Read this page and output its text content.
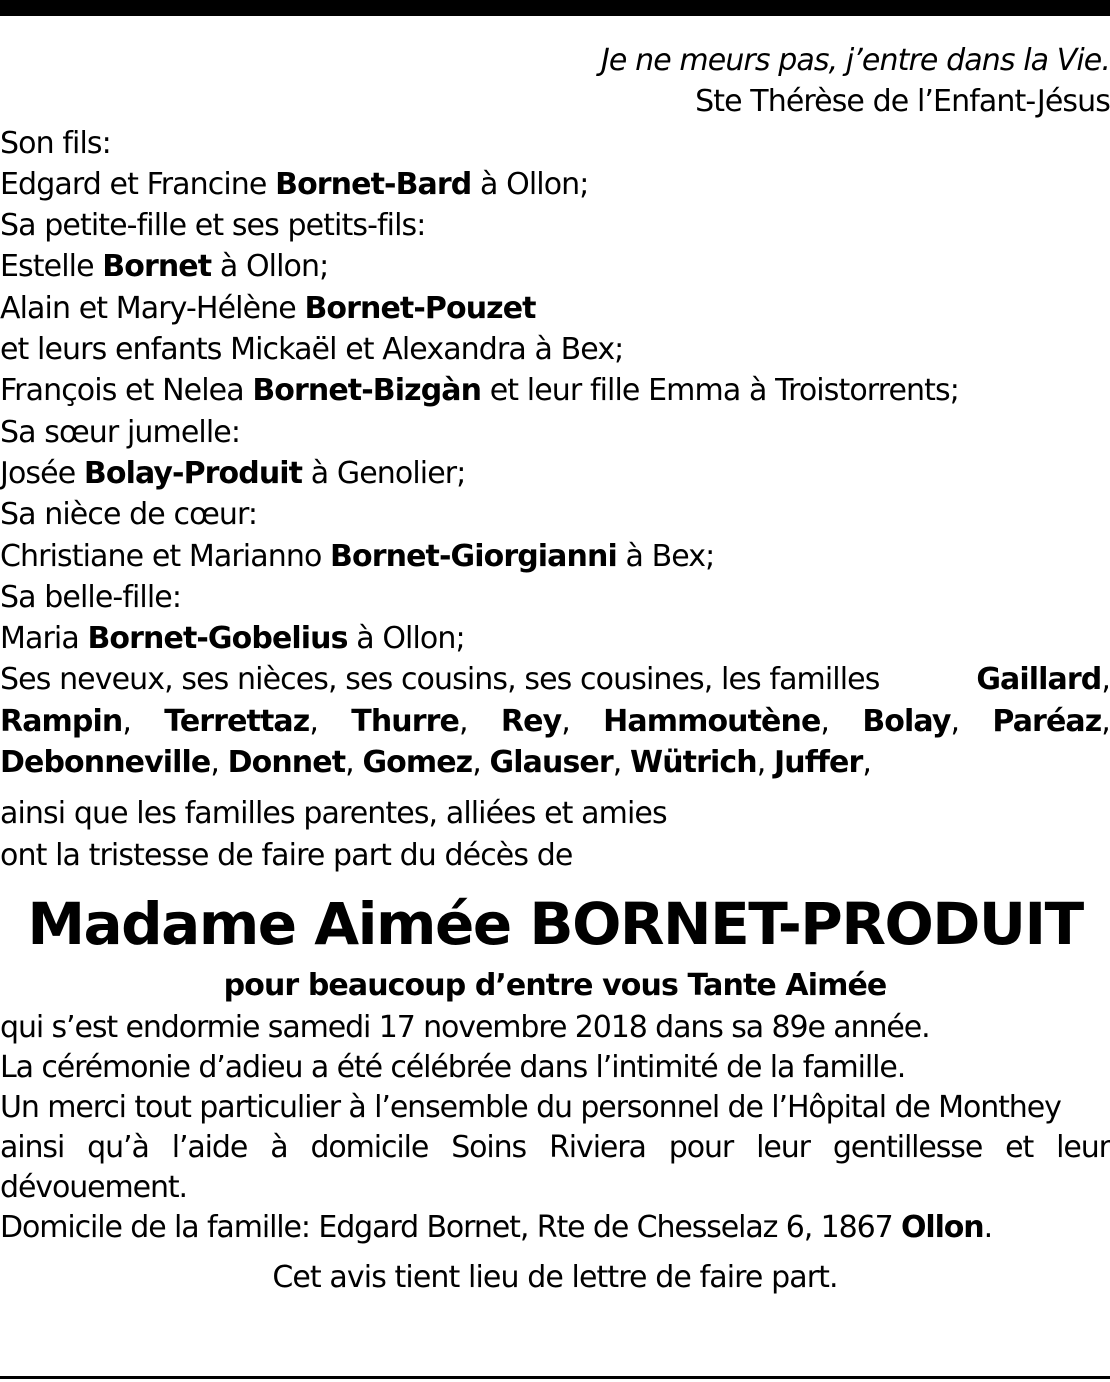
Je ne meurs pas, j’entre dans la Vie.
Ste Thérèse de l’Enfant-Jésus
Son fils:
Edgard et Francine Bornet-Bard à Ollon;
Sa petite-fille et ses petits-fils:
Estelle Bornet à Ollon;
Alain et Mary-Hélène Bornet-Pouzet
et leurs enfants Mickaël et Alexandra à Bex;
François et Nelea Bornet-Bizgàn et leur fille Emma à Troistorrents;
Sa sœur jumelle:
Josée Bolay-Produit à Genolier;
Sa nièce de cœur:
Christiane et Marianno Bornet-Giorgianni à Bex;
Sa belle-fille:
Maria Bornet-Gobelius à Ollon;
Ses neveux, ses nièces, ses cousins, ses cousines, les familles	Gaillard,
Rampin, Terrettaz, Thurre, Rey, Hammoutène, Bolay, Paréaz,
Debonneville, Donnet, Gomez, Glauser, Wütrich, Juffer,
ainsi que les familles parentes, alliées et amies
ont la tristesse de faire part du décès de
Madame Aimée BORNET-PRODUIT
pour beaucoup d’entre vous Tante Aimée
qui s’est endormie samedi 17 novembre 2018 dans sa 89e année.
La cérémonie d’adieu a été célébrée dans l’intimité de la famille.
Un merci tout particulier à l’ensemble du personnel de l’Hôpital de Monthey
ainsi qu’à l’aide à domicile Soins Riviera pour leur gentillesse et leur
dévouement.
Domicile de la famille: Edgard Bornet, Rte de Chesselaz 6, 1867 Ollon.
Cet avis tient lieu de lettre de faire part.
